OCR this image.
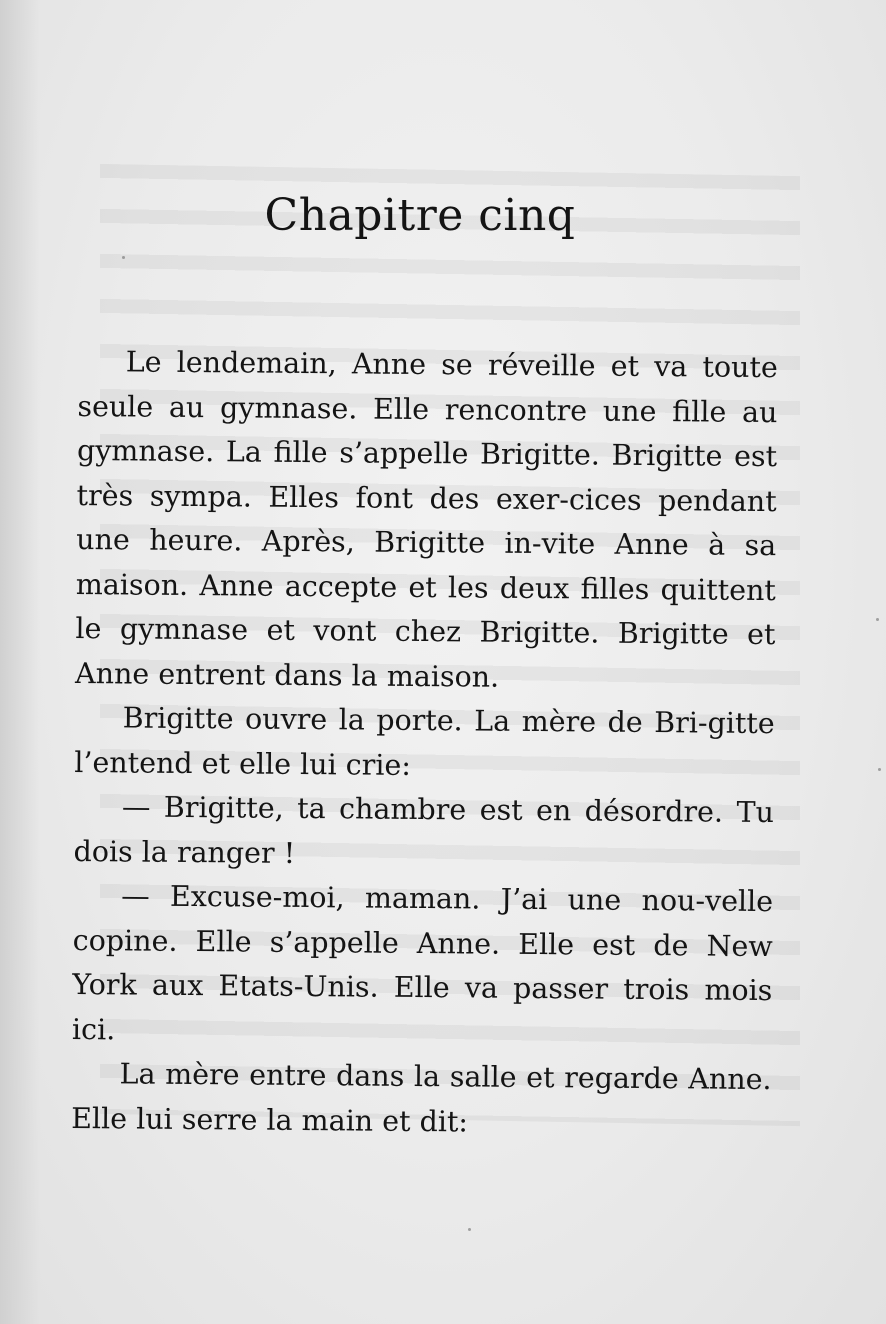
Chapitre cinq

Le lendemain, Anne se réveille et va toute seule au gymnase. Elle rencontre une fille au gymnase. La fille s’appelle Brigitte. Brigitte est très sympa. Elles font des exer-cices pendant une heure. Après, Brigitte in-vite Anne à sa maison. Anne accepte et les deux filles quittent le gymnase et vont chez Brigitte. Brigitte et Anne entrent dans la maison.

Brigitte ouvre la porte. La mère de Bri-gitte l’entend et elle lui crie:

— Brigitte, ta chambre est en désordre. Tu dois la ranger !

— Excuse-moi, maman. J’ai une nou-velle copine. Elle s’appelle Anne. Elle est de New York aux Etats-Unis. Elle va passer trois mois ici.

La mère entre dans la salle et regarde Anne. Elle lui serre la main et dit:
